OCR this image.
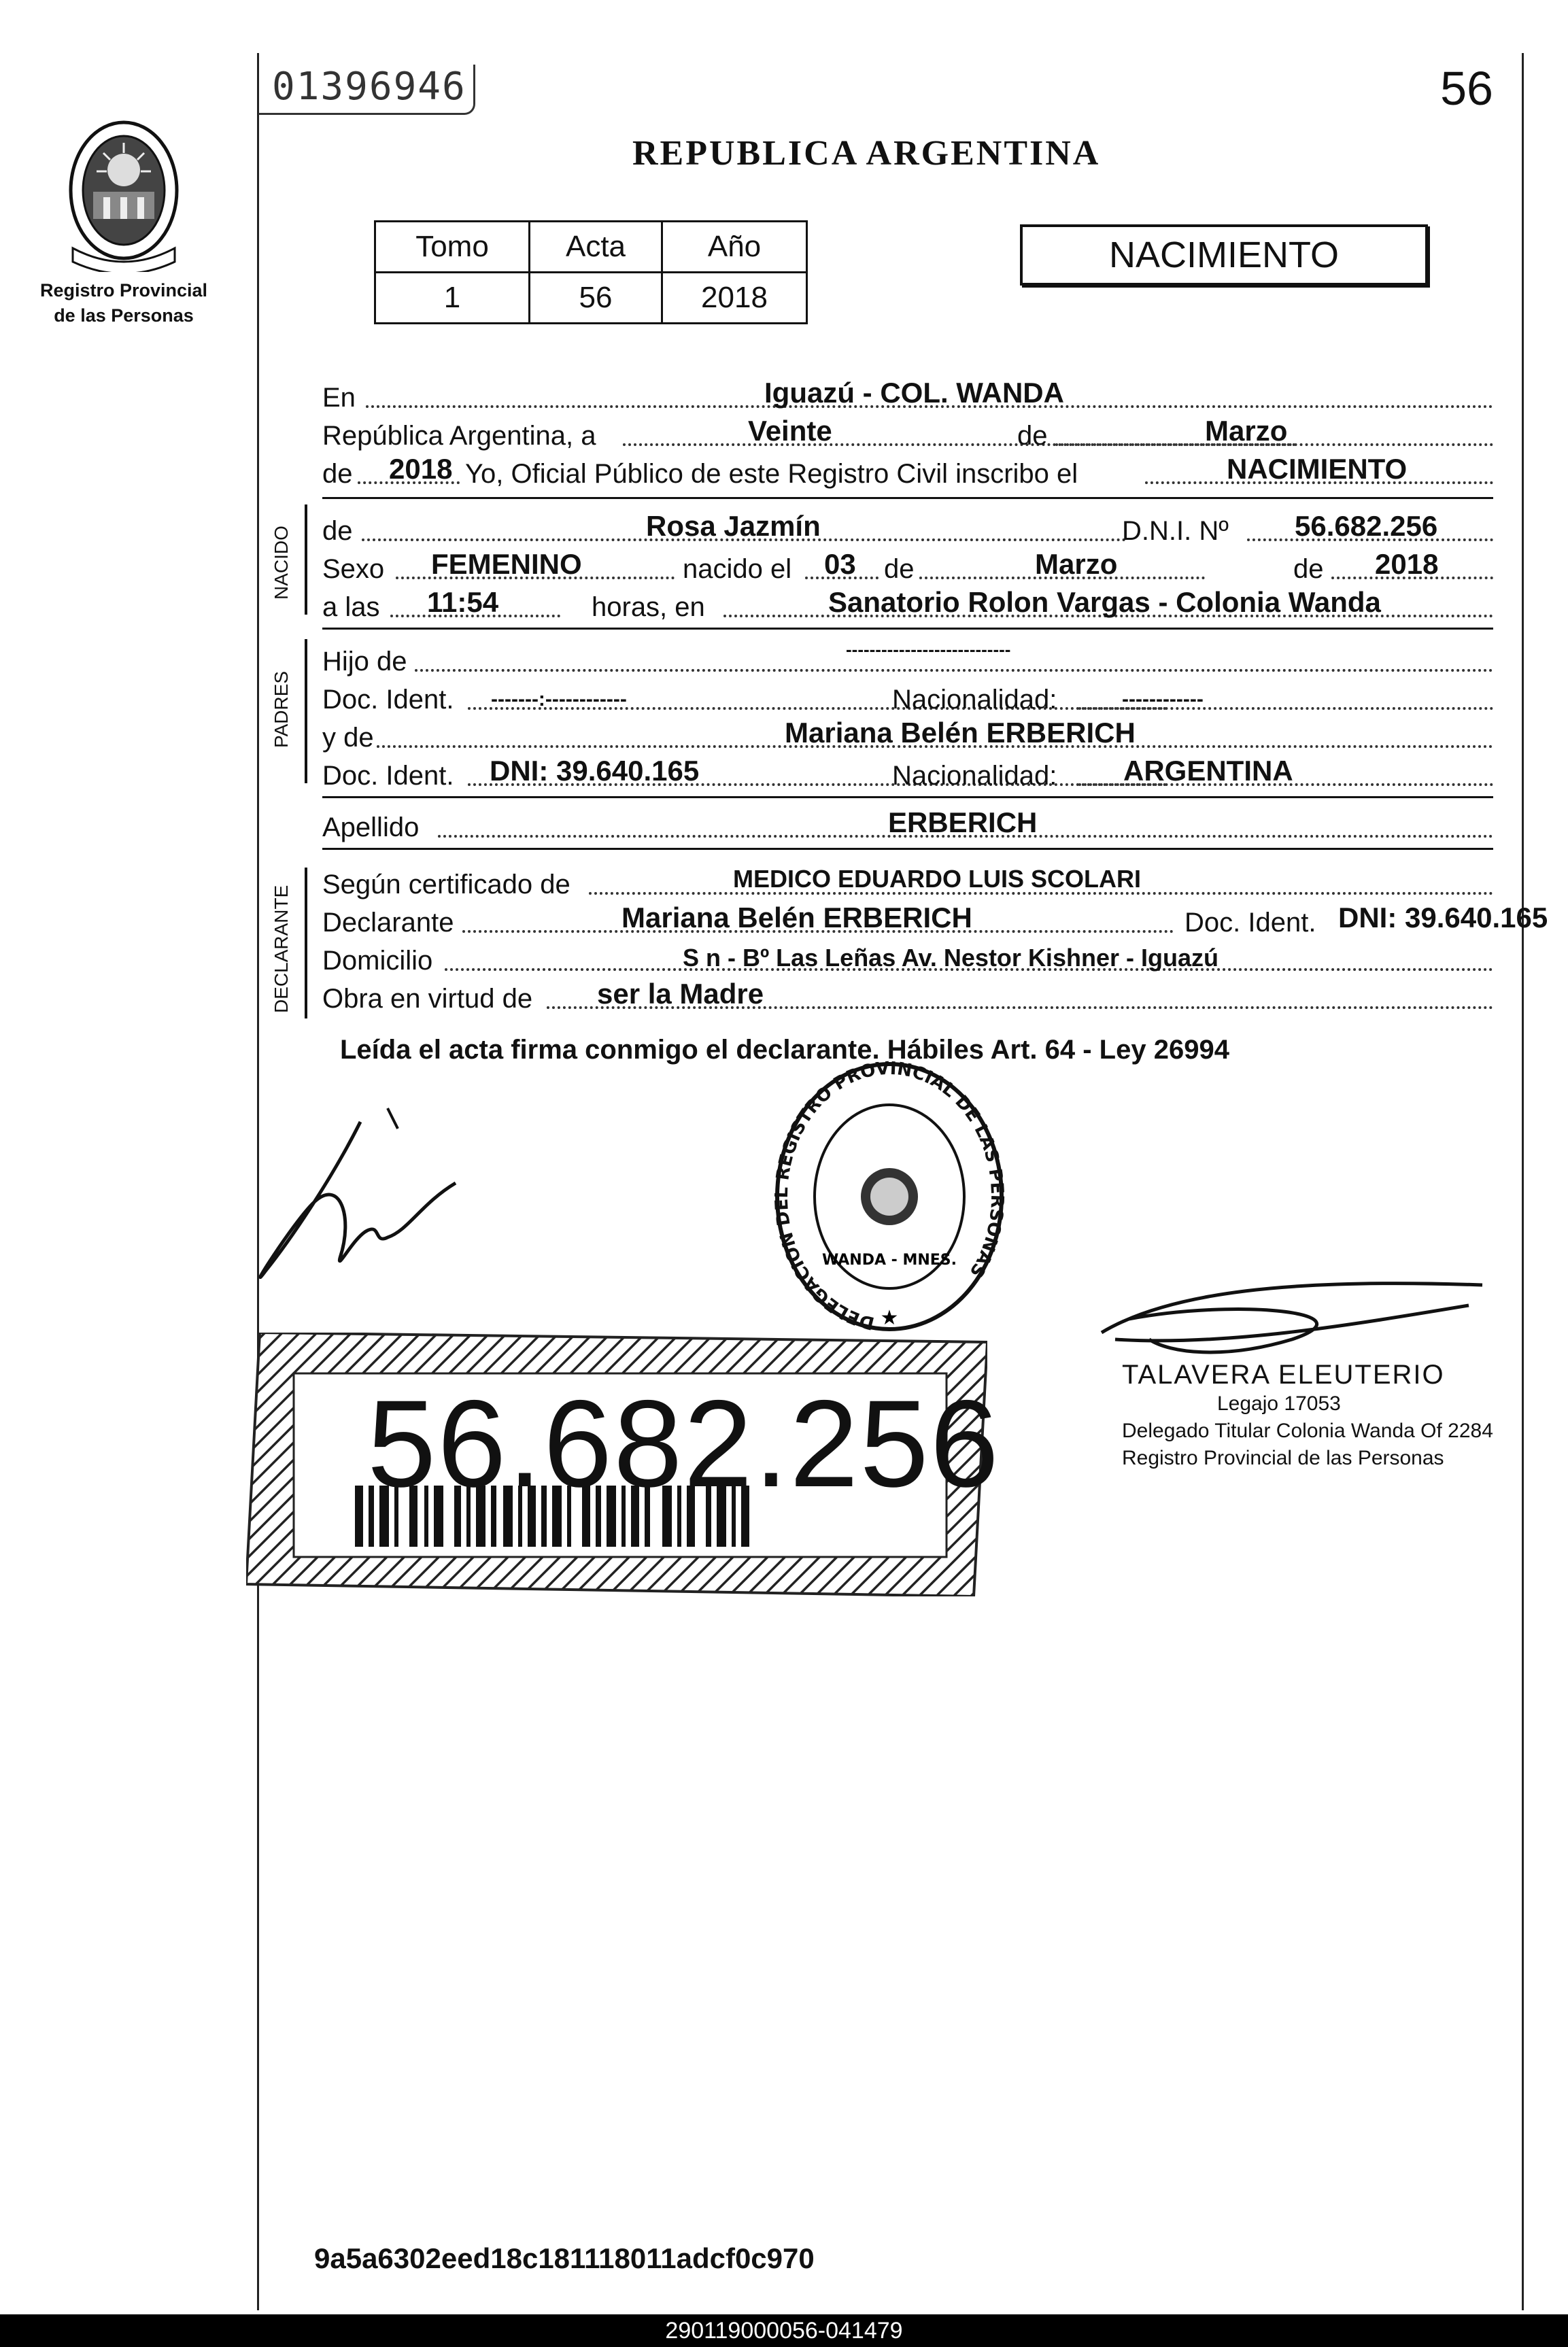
01396946	56
Registro Provincial
de las Personas
REPUBLICA ARGENTINA
Tomo	Acta	Año
1	56	2018
NACIMIENTO
En	Iguazú - COL. WANDA
República Argentina, a	Veinte	de	Marzo
de 2018 Yo, Oficial Público de este Registro Civil inscribo el	NACIMIENTO
NACIDO de	Rosa Jazmín	D.N.I. Nº 56.682.256
Sexo FEMENINO	nacido el 03 de	Marzo	de 2018
a las 11:54	horas, en	Sanatorio Rolon Vargas - Colonia Wanda
PADRES
Hijo de	----------------------------
Doc. Ident. -------:------------	Nacionalidad:	------------
y de	Mariana Belén ERBERICH
Doc. Ident. DNI: 39.640.165	Nacionalidad: ARGENTINA
Apellido	ERBERICH
DECLARANTE
Según certificado de	MEDICO EDUARDO LUIS SCOLARI
Declarante	Mariana Belén ERBERICH	Doc. Ident. DNI: 39.640.165
Domicilio	S n - Bº Las Leñas Av. Nestor Kishner - Iguazú
Obra en virtud de ser la Madre
Leída el acta firma conmigo el declarante. Hábiles Art. 64 - Ley 26994
DELEGACION DEL REGISTRO PROVINCIAL DE LAS PERSONAS
WANDA - MNES.
★
TALAVERA ELEUTERIO
Legajo 17053
Delegado Titular Colonia Wanda Of 2284
Registro Provincial de las Personas
56.682.256
9a5a6302eed18c181118011adcf0c970
290119000056-041479
